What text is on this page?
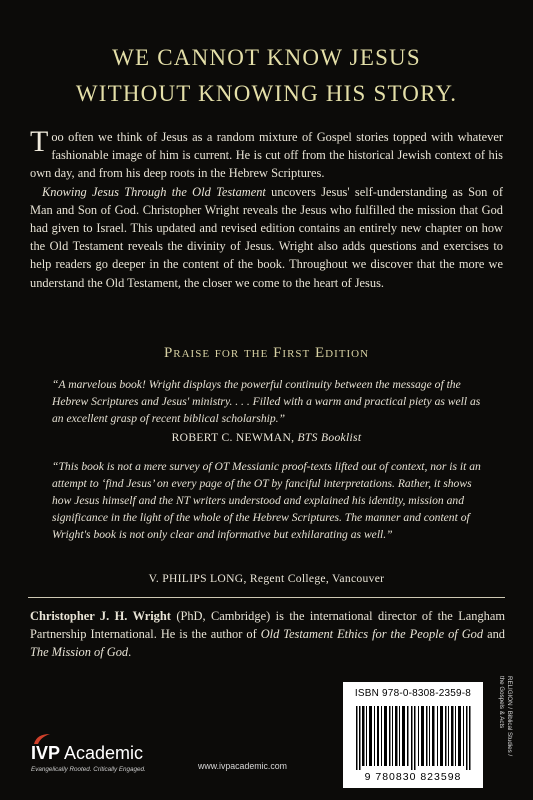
WE CANNOT KNOW JESUS
WITHOUT KNOWING HIS STORY.

Too often we think of Jesus as a random mixture of Gospel stories topped with whatever fashionable image of him is current. He is cut off from the historical Jewish context of his own day, and from his deep roots in the Hebrew Scriptures.

Knowing Jesus Through the Old Testament uncovers Jesus' self-understanding as Son of Man and Son of God. Christopher Wright reveals the Jesus who fulfilled the mission that God had given to Israel. This updated and revised edition contains an entirely new chapter on how the Old Testament reveals the divinity of Jesus. Wright also adds questions and exercises to help readers go deeper in the content of the book. Throughout we discover that the more we understand the Old Testament, the closer we come to the heart of Jesus.

Praise for the First Edition
“A marvelous book! Wright displays the powerful continuity between the message of the Hebrew Scriptures and Jesus' ministry. . . . Filled with a warm and practical piety as well as an excellent grasp of recent biblical scholarship.”
ROBERT C. NEWMAN, BTS Booklist
“This book is not a mere survey of OT Messianic proof-texts lifted out of context, nor is it an attempt to ‘find Jesus’ on every page of the OT by fanciful interpretations. Rather, it shows how Jesus himself and the NT writers understood and explained his identity, mission and significance in the light of the whole of the Hebrew Scriptures. The manner and content of Wright's book is not only clear and informative but exhilarating as well.”
V. PHILIPS LONG, Regent College, Vancouver
Christopher J. H. Wright (PhD, Cambridge) is the international director of the Langham Partnership International. He is the author of Old Testament Ethics for the People of God and The Mission of God.
IVP Academic
Evangelically Rooted. Critically Engaged.	www.ivpacademic.com
ISBN 978-0-8308-2359-8
9 780830 823598
RELIGION / Biblical Studies /
the Gospels & Acts
